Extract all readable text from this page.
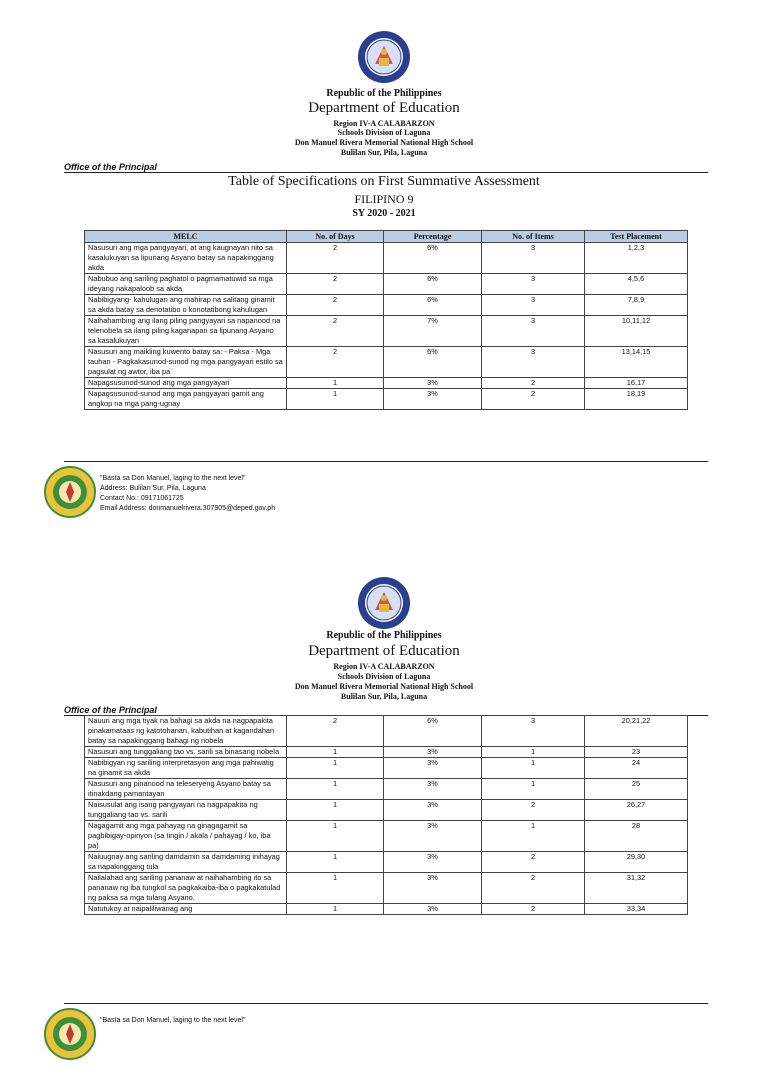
Republic of the Philippines
Department of Education
Region IV-A CALABARZON
Schools Division of Laguna
Don Manuel Rivera Memorial National High School
Bulilan Sur, Pila, Laguna
Office of the Principal
Table of Specifications on First Summative Assessment
FILIPINO 9
SY 2020 - 2021
MELC	No. of Days	Percentage	No. of Items	Test Placement
Nasusuri ang mga pangyayari, at ang kaugnayan nito sa kasalukuyan sa lipunang Asyano batay sa napakinggang akda	2	6%	3	1,2,3
Nabubuo ang sariling paghatol o pagmamatuwid sa mga ideyang nakapaloob sa akda	2	6%	3	4,5,6
Nabibigyang- kahulugan ang mahirap na salitang ginamit sa akda batay sa denotatibo o konotatibong kahulugan	2	6%	3	7,8,9
Naihahambing ang ilang piling pangyayari sa napanood na telenobela sa ilang piling kaganapan sa lipunang Asyano sa kasalukuyan	2	7%	3	10,11,12
Nasusuri ang maikling kuwento batay sa: - Paksa - Mga tauhan - Pagkakasunod-sunod ng mga pangyayari estilo sa pagsulat ng awtor, iba pa	2	6%	3	13,14,15
Napagsusunod-sunod ang mga pangyayari	1	3%	2	16,17
Napagsusunod-sunod ang mga pangyayari gamit ang angkop na mga pang-ugnay	1	3%	2	18,19
"Basta sa Don Manuel, laging to the next level"
Address: Bulilan Sur, Pila, Laguna
Contact No.: 09171061725
Email Address: donmanuelrivera.307905@deped.gov.ph
Republic of the Philippines
Department of Education
Region IV-A CALABARZON
Schools Division of Laguna
Don Manuel Rivera Memorial National High School
Bulilan Sur, Pila, Laguna
Office of the Principal
Nauuri ang mga tiyak na bahagi sa akda na nagpapakita pinakamataas ng katotohanan, kabutihan at kagandahan batay sa napakinggang bahagi ng nobela	2	6%	3	20,21,22
Nasusuri ang tunggaliang tao vs. sarili sa binasang nobela	1	3%	1	23
Nabibigyan ng sariling interpretasyon ang mga pahiwatig na ginamit sa akda	1	3%	1	24
Nasusuri ang pinanood na teleseryeng Asyano batay sa itinakdang pamantayan	1	3%	1	25
Naisusulat ang isang pangyayari na nagpapakita ng tunggaliang tao vs. sarili	1	3%	2	26,27
Nagagamit ang mga pahayag na ginagagamit sa pagbibigay-opinyon (sa tingin / akala / pahayag / ko, iba pa)	1	3%	1	28
Naiuugnay ang sariling damdamin sa damdaming inihayag sa napakinggang tula	1	3%	2	29,30
Nailalahad ang sariling pananaw at naihahambing ito sa pananaw ng iba tungkol sa pagkakaiba-iba o pagkakatulad ng paksa sa mga tulang Asyano.	1	3%	2	31,32
Natutukoy at naipaliliwanag ang	1	3%	2	33,34
"Basta sa Don Manuel, laging to the next level"
